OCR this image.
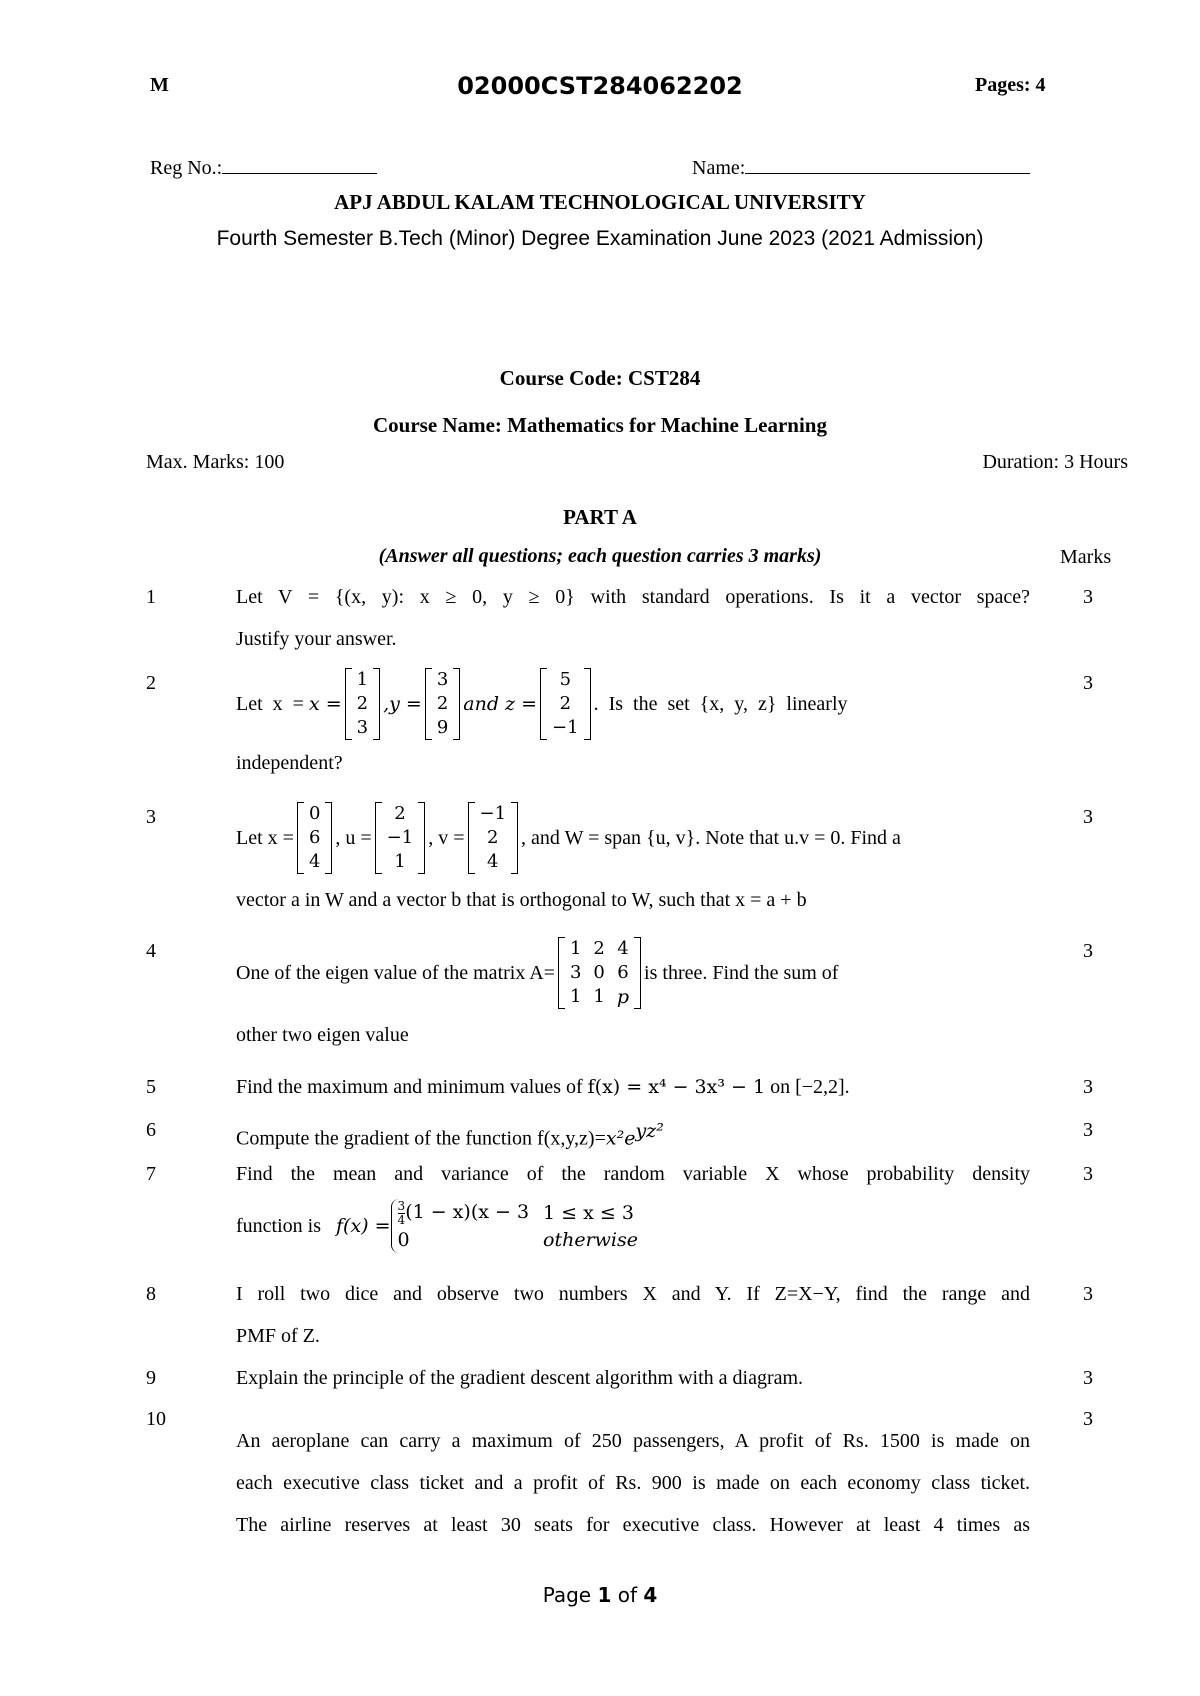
M	02000CST284062202	Pages: 4
Reg No.:	Name:
APJ ABDUL KALAM TECHNOLOGICAL UNIVERSITY
Fourth Semester B.Tech (Minor) Degree Examination June 2023 (2021 Admission)
Course Code: CST284
Course Name: Mathematics for Machine Learning
Max. Marks: 100	Duration: 3 Hours
PART A
(Answer all questions; each question carries 3 marks)	Marks
1	3
Let V = {(x, y): x ≥ 0, y ≥ 0} with standard operations. Is it a vector space?
Justify your answer.
2	3
Let  x  = x =
1
2
3
,y =
3
2
9
and z =
5
2
−1
.  Is  the  set  {x,  y,  z}  linearly
independent?
3	3
Let x =
0
6
4
, u =
2
−1
1
, v =
−1
2
4
, and W = span {u, v}. Note that u.v = 0. Find a
vector a in W and a vector b that is orthogonal to W, such that x = a + b
4	3
One of the eigen value of the matrix A=
1	2	4
3	0	6
1	1	p
is three. Find the sum of
other two eigen value
5	3
Find the maximum and minimum values of f(x) = x⁴ − 3x³ − 1 on [−2,2].
6	3
Compute the gradient of the function $f(x,y,z)=x^2e^{yz^2}$
7	3
Find the mean and variance of the random variable X whose probability density
function is
$f(x) = \frac{3}{4} (1 - x)(x - 3$	1 ≤ x ≤ 3
0	otherwise
8	3
I roll two dice and observe two numbers X and Y. If Z=X−Y, find the range and
PMF of Z.
9	3
Explain the principle of the gradient descent algorithm with a diagram.
10	3
An aeroplane can carry a maximum of 250 passengers, A profit of Rs. 1500 is made on
each executive class ticket and a profit of Rs. 900 is made on each economy class ticket.
The airline reserves at least 30 seats for executive class. However at least 4 times as
Page 1 of 4
